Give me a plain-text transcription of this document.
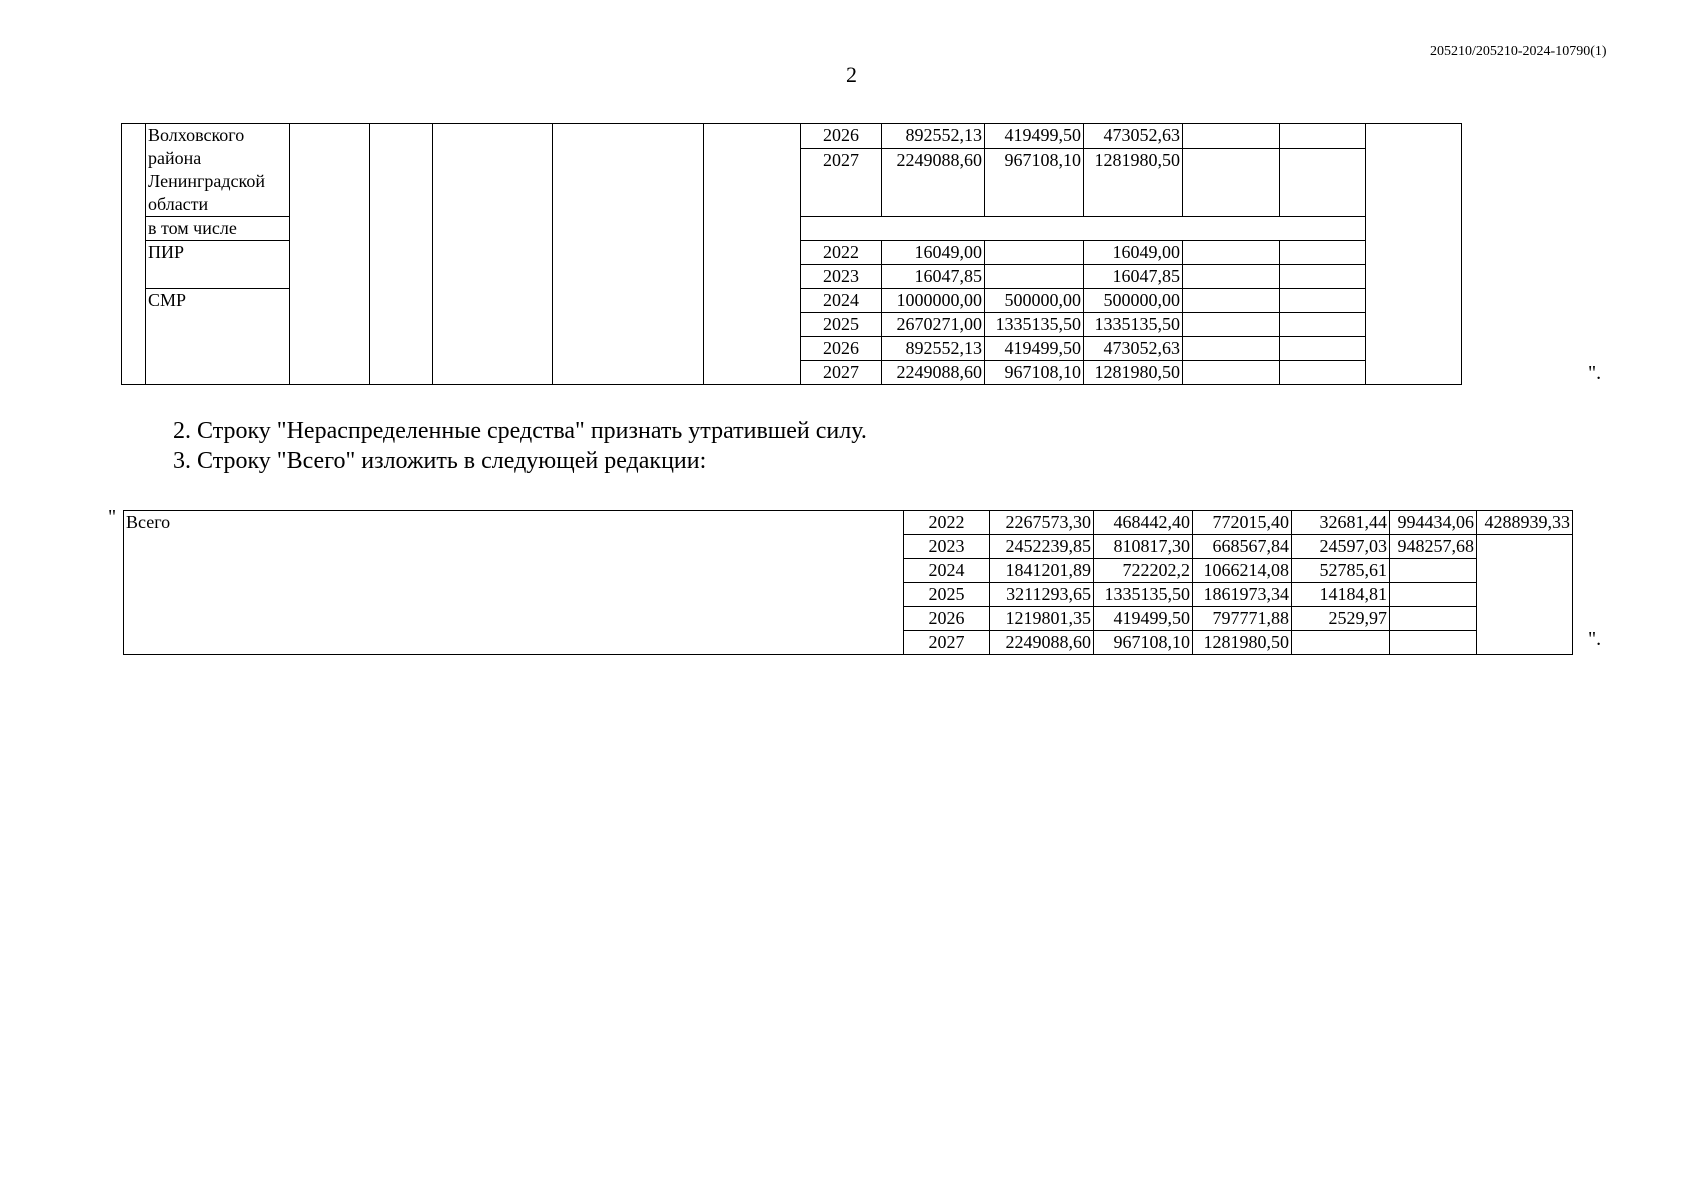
205210/205210-2024-10790(1)
2

	Волховского
района
Ленинградской
области						2026	892552,13	419499,50	473052,63			
							2027	2249088,60	967108,10	1281980,50			
	в том числе												
	ПИР						2022	16049,00		16049,00			
							2023	16047,85		16047,85			
	СМР						2024	1000000,00	500000,00	500000,00			
							2025	2670271,00	1335135,50	1335135,50			
							2026	892552,13	419499,50	473052,63			
							2027	2249088,60	967108,10	1281980,50				".
2. Строку "Нераспределенные средства" признать утратившей силу.
3. Строку "Всего" изложить в следующей редакции:
" Всего	2022	2267573,30	468442,40	772015,40	32681,44	994434,06	4288939,33
	2023	2452239,85	810817,30	668567,84	24597,03	948257,68	
	2024	1841201,89	722202,2	1066214,08	52785,61		
	2025	3211293,65	1335135,50	1861973,34	14184,81		
	2026	1219801,35	419499,50	797771,88	2529,97		
	2027	2249088,60	967108,10	1281980,50				".
